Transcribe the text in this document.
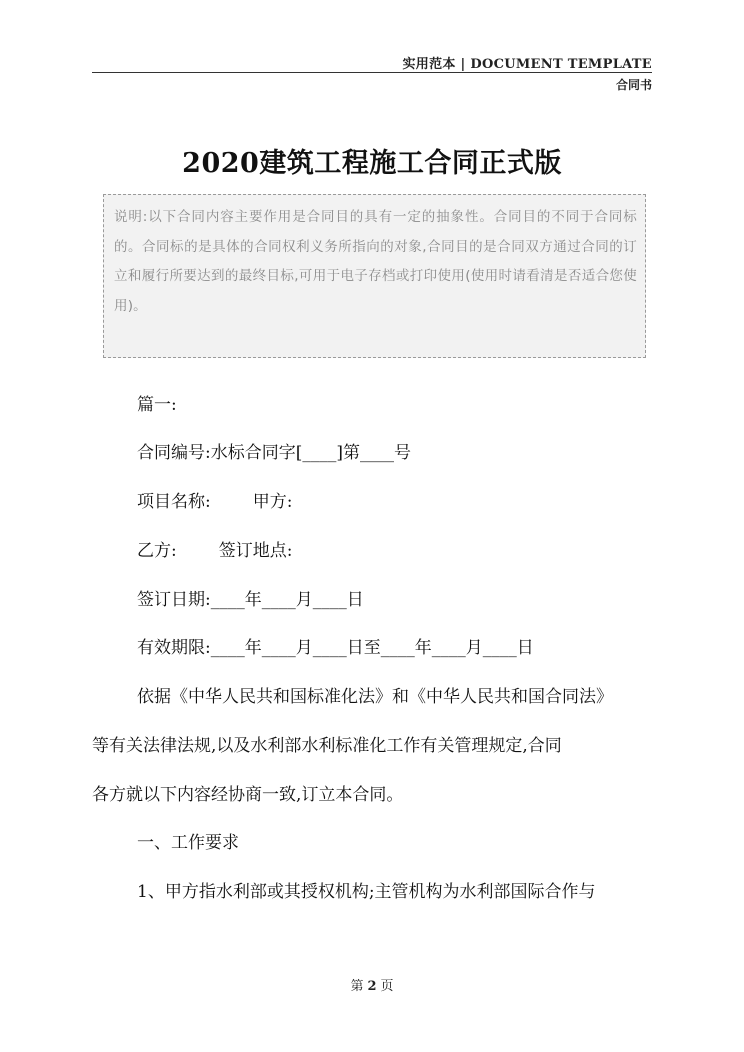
实用范本 | DOCUMENT TEMPLATE
合同书
2020建筑工程施工合同正式版
说明:以下合同内容主要作用是合同目的具有一定的抽象性。合同目的不同于合同标的。合同标的是具体的合同权利义务所指向的对象,合同目的是合同双方通过合同的订立和履行所要达到的最终目标,可用于电子存档或打印使用(使用时请看清是否适合您使用)。
篇一:
合同编号:水标合同字[____]第____号
项目名称: 甲方:
乙方: 签订地点:
签订日期:____年____月____日
有效期限:____年____月____日至____年____月____日
依据《中华人民共和国标准化法》和《中华人民共和国合同法》
等有关法律法规,以及水利部水利标准化工作有关管理规定,合同
各方就以下内容经协商一致,订立本合同。
一、工作要求
1、甲方指水利部或其授权机构;主管机构为水利部国际合作与
第 2 页
